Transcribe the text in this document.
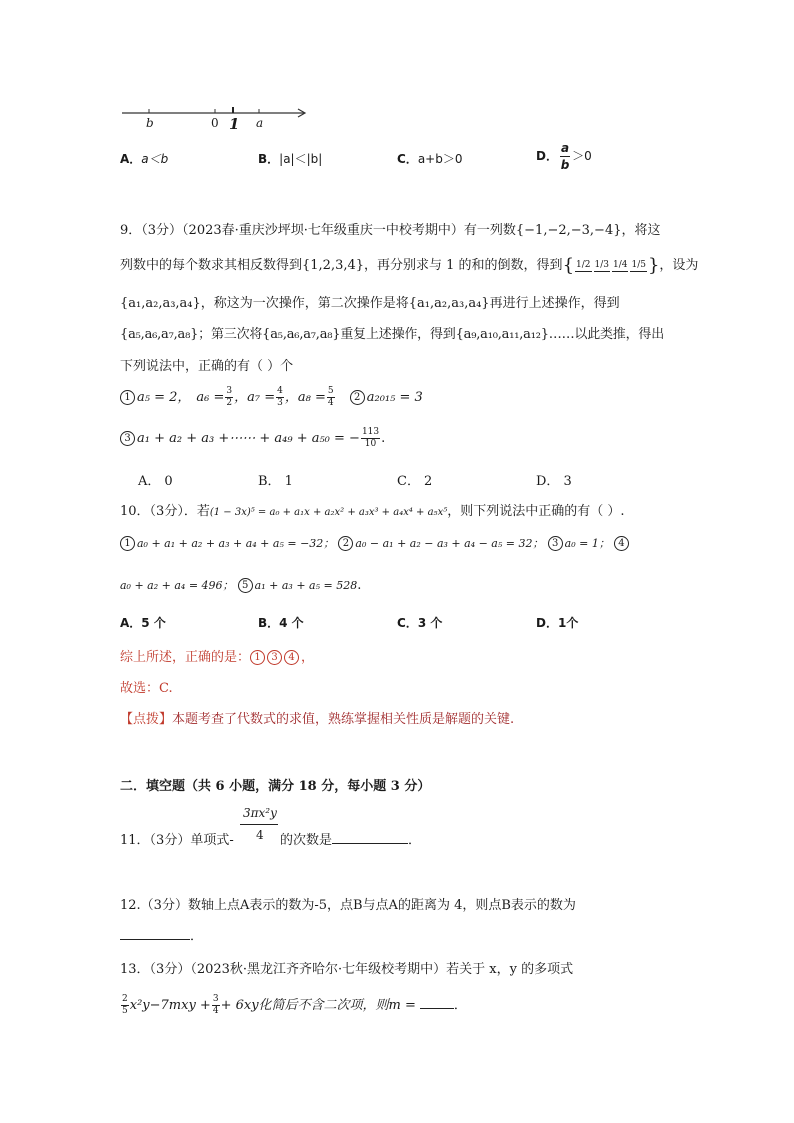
b	0 1 a
A．a＜b	B．|a|＜|b|	C．a+b＞0	D． $\frac{a}{b} >0$
9．（3分）（2023春·重庆沙坪坝·七年级重庆一中校考期中）有一列数{−1,−2,−3,−4}，将这
列数中的每个数求其相反数得到{1,2,3,4}，再分别求与 1 的和的倒数，得到{ 1/2 1/3 1/4 1/5 }，设为
{a₁,a₂,a₃,a₄}，称这为一次操作，第二次操作是将{a₁,a₂,a₃,a₄}再进行上述操作，得到
{a₅,a₆,a₇,a₈}；第三次将{a₅,a₆,a₇,a₈}重复上述操作，得到{a₉,a₁₀,a₁₁,a₁₂}……以此类推，得出
下列说法中，正确的有（ ）个
1 a₅ = 2， $a_6 = \frac{3}{2}$ ，$a_7 = \frac{4}{3}$ ，$a_8 = \frac{5}{4} 2$ a₂₀₁₅ = 3
3 a₁ + a₂ + a₃ +⋯⋯ + a₄₉ + a₅₀ = − $\frac{113}{10}$ .
A． 0	B． 1	C． 2	D． 3
10．（3分）．若(1 − 3x)⁵ = a₀ + a₁x + a₂x² + a₃x³ + a₄x⁴ + a₅x⁵，则下列说法中正确的有（ ）.
1 a₀ + a₁ + a₂ + a₃ + a₄ + a₅ = −32； 2 a₀ − a₁ + a₂ − a₃ + a₄ − a₅ = 32； 3 a₀ = 1； 4
a₀ + a₂ + a₄ = 496； 5 a₁ + a₃ + a₅ = 528.
A．5 个	B．4 个	C．3 个	D．1个
综上所述，正确的是： 1 3 4 ，
故选：C.
【点拨】本题考查了代数式的求值，熟练掌握相关性质是解题的关键.
二．填空题（共 6 小题，满分 18 分，每小题 3 分）
3πx²y
4
11．（3分）单项式-	的次数是	．
12.（3分）数轴上点A表示的数为-5，点B与点A的距离为 4，则点B表示的数为
．
13．（3分）（2023秋·黑龙江齐齐哈尔·七年级校考期中）若关于 x，y 的多项式
$\frac{2}{5} x^2y-7mxy + \frac{3}{4} + 6xy$化简后不含二次项，则m =	．
